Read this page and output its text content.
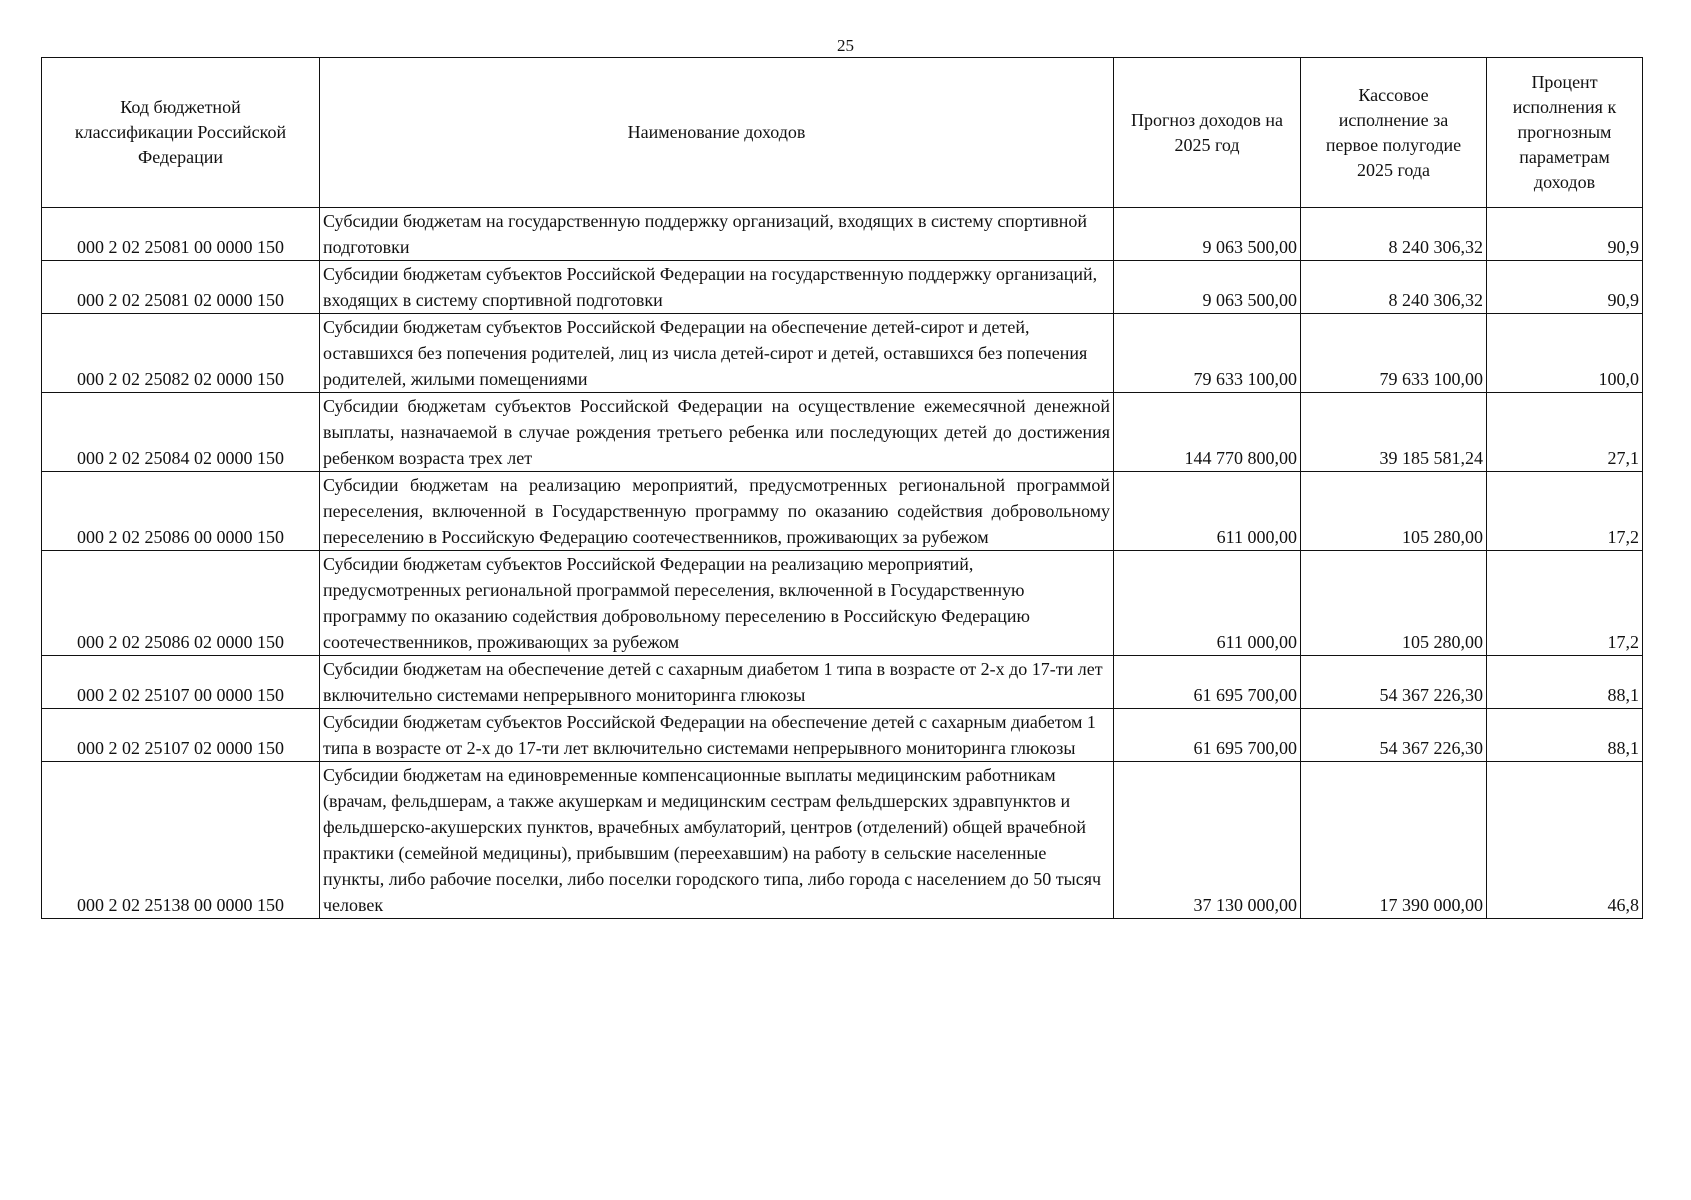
25
Код бюджетной классификации Российской Федерации	Наименование доходов	Прогноз доходов на 2025 год	Кассовое исполнение за первое полугодие 2025 года	Процент исполнения к прогнозным параметрам доходов
000 2 02 25081 00 0000 150	Субсидии бюджетам на государственную поддержку организаций, входящих в систему спортивной подготовки	9 063 500,00	8 240 306,32	90,9
000 2 02 25081 02 0000 150	Субсидии бюджетам субъектов Российской Федерации на государственную поддержку организаций, входящих в систему спортивной подготовки	9 063 500,00	8 240 306,32	90,9
000 2 02 25082 02 0000 150	Субсидии бюджетам субъектов Российской Федерации на обеспечение детей-сирот и детей, оставшихся без попечения родителей, лиц из числа детей-сирот и детей, оставшихся без попечения родителей, жилыми помещениями	79 633 100,00	79 633 100,00	100,0
000 2 02 25084 02 0000 150	Субсидии бюджетам субъектов Российской Федерации на осуществление ежемесячной денежной выплаты, назначаемой в случае рождения третьего ребенка или последующих детей до достижения ребенком возраста трех лет	144 770 800,00	39 185 581,24	27,1
000 2 02 25086 00 0000 150	Субсидии бюджетам на реализацию мероприятий, предусмотренных региональной программой переселения, включенной в Государственную программу по оказанию содействия добровольному переселению в Российскую Федерацию соотечественников, проживающих за рубежом	611 000,00	105 280,00	17,2
000 2 02 25086 02 0000 150	Субсидии бюджетам субъектов Российской Федерации на реализацию мероприятий, предусмотренных региональной программой переселения, включенной в Государственную программу по оказанию содействия добровольному переселению в Российскую Федерацию соотечественников, проживающих за рубежом	611 000,00	105 280,00	17,2
000 2 02 25107 00 0000 150	Субсидии бюджетам на обеспечение детей с сахарным диабетом 1 типа в возрасте от 2-х до 17-ти лет включительно системами непрерывного мониторинга глюкозы	61 695 700,00	54 367 226,30	88,1
000 2 02 25107 02 0000 150	Субсидии бюджетам субъектов Российской Федерации на обеспечение детей с сахарным диабетом 1 типа в возрасте от 2-х до 17-ти лет включительно системами непрерывного мониторинга глюкозы	61 695 700,00	54 367 226,30	88,1
000 2 02 25138 00 0000 150	Субсидии бюджетам на единовременные компенсационные выплаты медицинским работникам (врачам, фельдшерам, а также акушеркам и медицинским сестрам фельдшерских здравпунктов и фельдшерско-акушерских пунктов, врачебных амбулаторий, центров (отделений) общей врачебной практики (семейной медицины), прибывшим (переехавшим) на работу в сельские населенные пункты, либо рабочие поселки, либо поселки городского типа, либо города с населением до 50 тысяч человек	37 130 000,00	17 390 000,00	46,8
